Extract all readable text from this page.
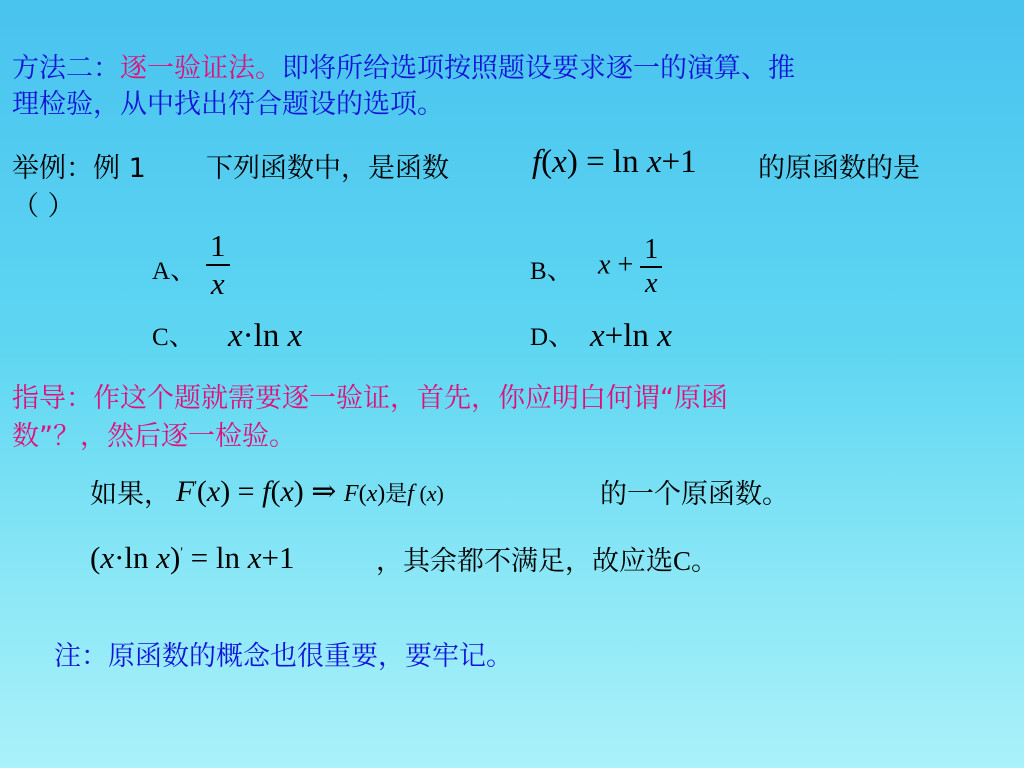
方法二：逐一验证法。即将所给选项按照题设要求逐一的演算、推
理检验，从中找出符合题设的选项。
举例：例 1 下列函数中，是函数	f(x) = ln x+1 的原函数的是
（ ）
A、 $\frac{1}{x}$	B、 $x + \frac{1}{x}$
C、 x·ln x	D、 x+ln x
指导：作这个题就需要逐一验证，首先，你应明白何谓“原函
数”？，然后逐一检验。
如果， F'(x) = f(x) ⇒ F(x)是f (x)	的一个原函数。
(x·ln x)' = ln x+1	，其余都不满足，故应选C。
注：原函数的概念也很重要，要牢记。
